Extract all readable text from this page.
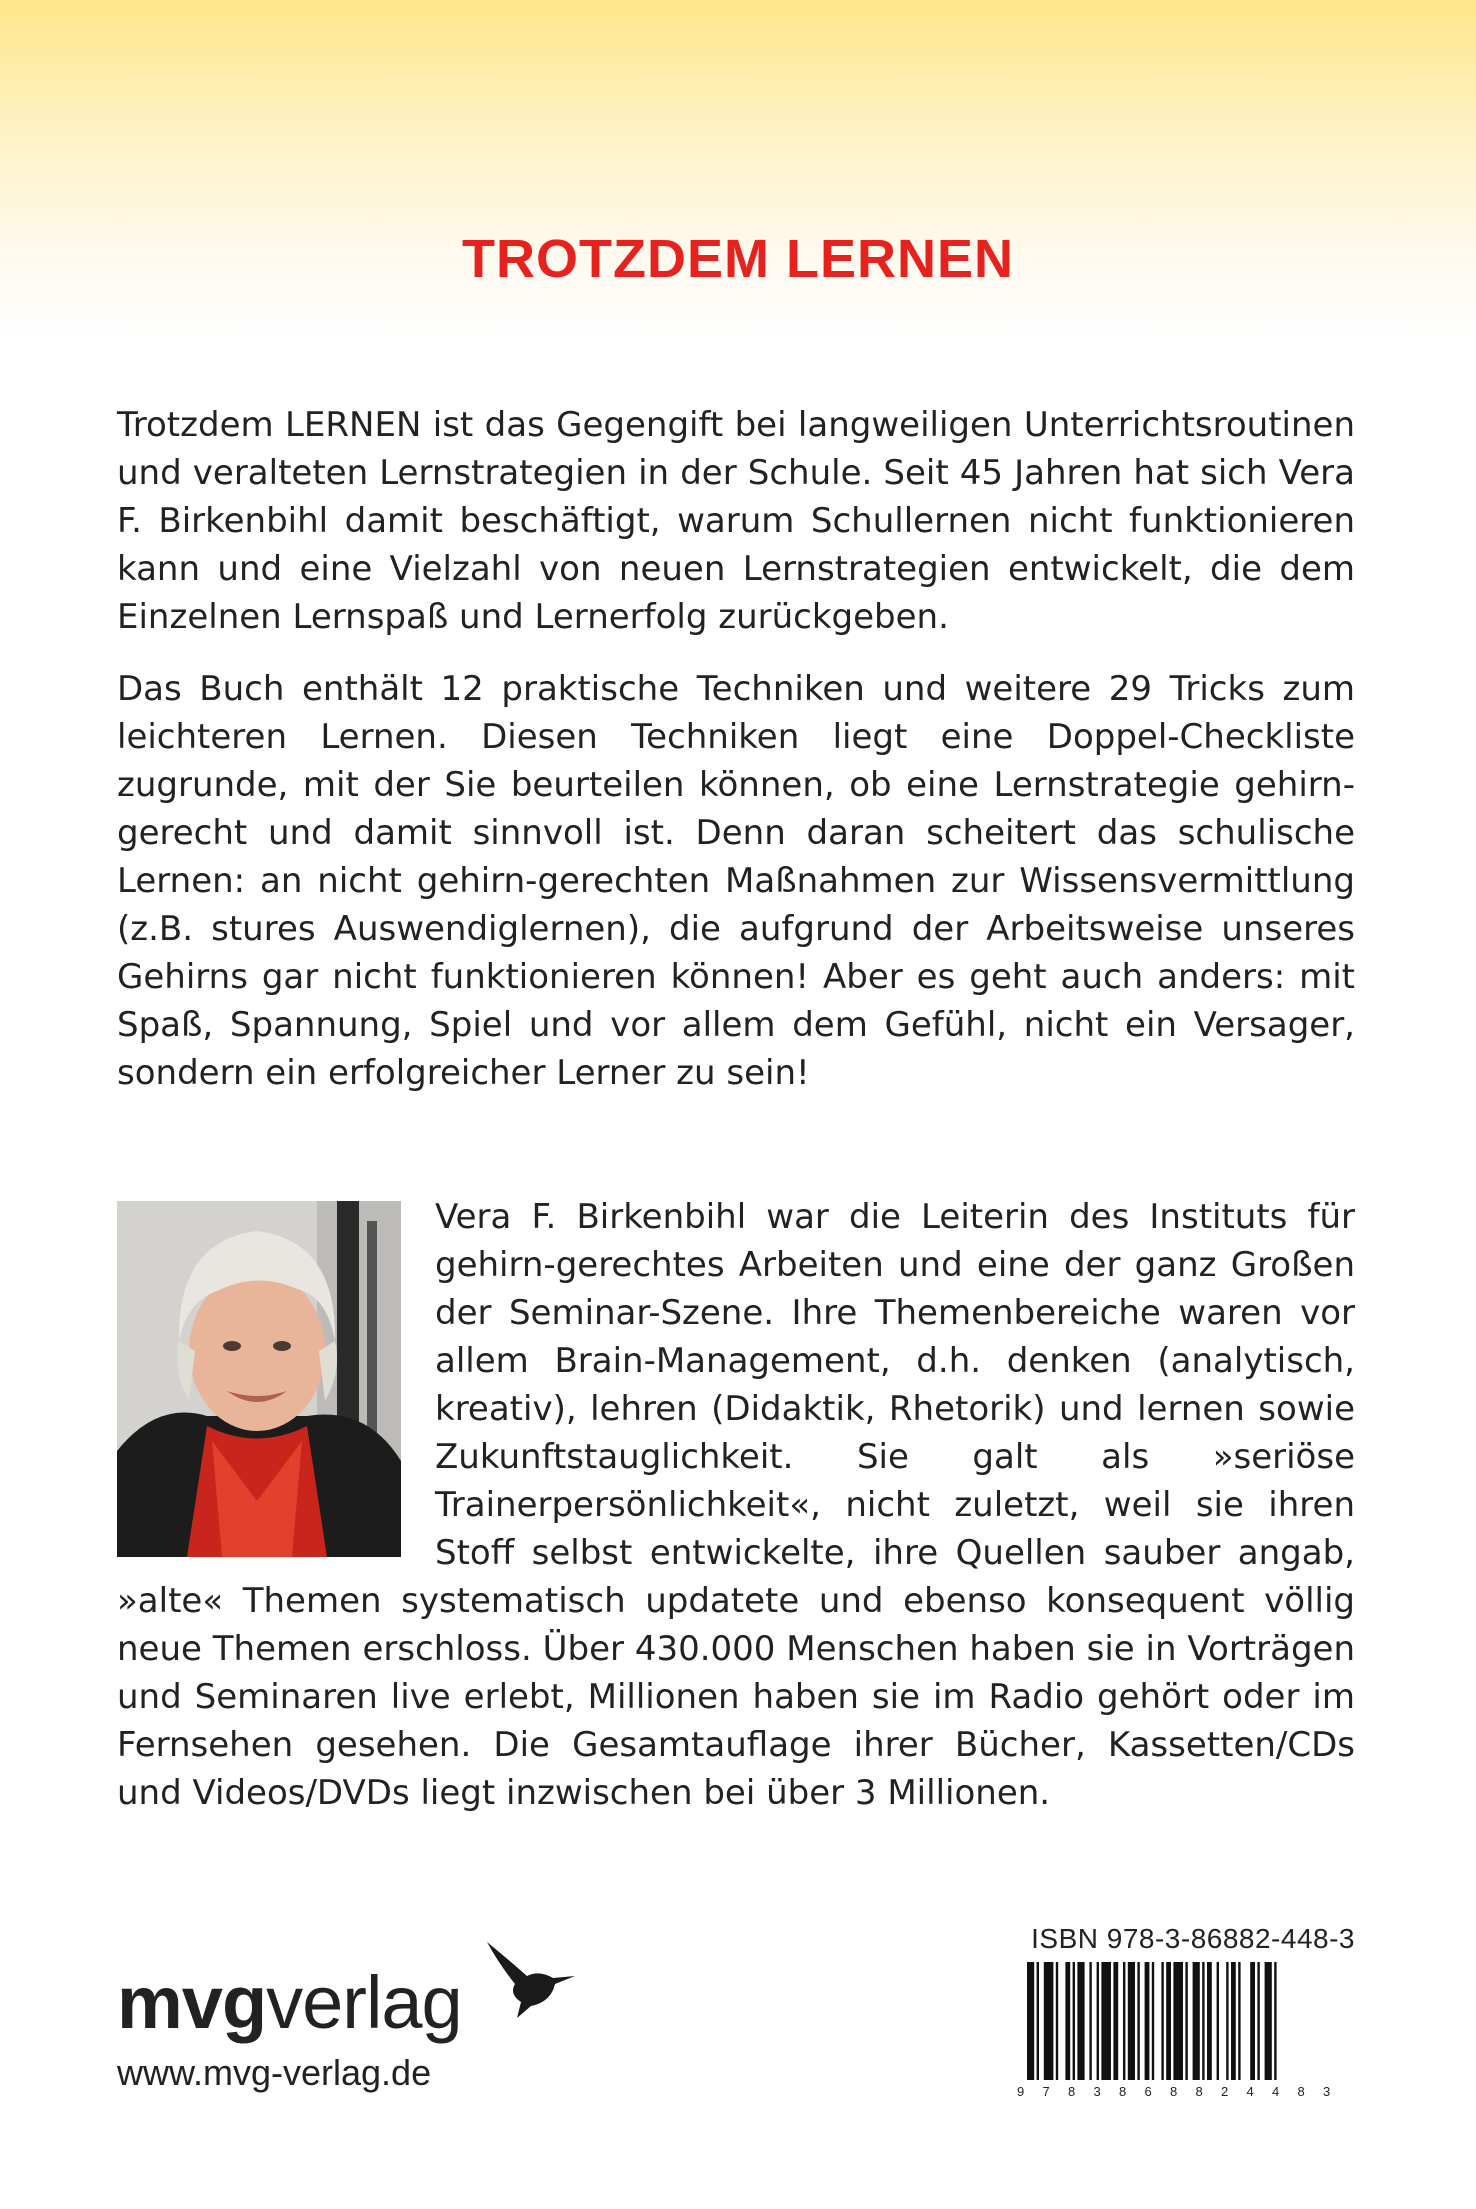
TROTZDEM LERNEN

Trotzdem LERNEN ist das Gegengift bei langweiligen Unterrichtsroutinen und veralteten Lernstrategien in der Schule. Seit 45 Jahren hat sich Vera F. Birkenbihl damit beschäftigt, warum Schullernen nicht funktionieren kann und eine Vielzahl von neuen Lernstrategien entwickelt, die dem Einzelnen Lernspaß und Lernerfolg zurückgeben.

Das Buch enthält 12 praktische Techniken und weitere 29 Tricks zum leichteren Lernen. Diesen Techniken liegt eine Doppel-Checkliste zugrunde, mit der Sie beurteilen können, ob eine Lernstrategie gehirn-gerecht und damit sinnvoll ist. Denn daran scheitert das schulische Lernen: an nicht gehirn-gerechten Maßnahmen zur Wissensvermittlung (z.B. stures Auswendiglernen), die aufgrund der Arbeitsweise unseres Gehirns gar nicht funktionieren können! Aber es geht auch anders: mit Spaß, Spannung, Spiel und vor allem dem Gefühl, nicht ein Versager, sondern ein erfolgreicher Lerner zu sein!

Vera F. Birkenbihl war die Leiterin des Instituts für gehirn-gerechtes Arbeiten und eine der ganz Großen der Seminar-Szene. Ihre Themenbereiche waren vor allem Brain-Management, d.h. denken (analytisch, kreativ), lehren (Didaktik, Rhetorik) und lernen sowie Zukunftstauglichkeit. Sie galt als »seriöse Trainerpersönlichkeit«, nicht zuletzt, weil sie ihren Stoff selbst entwickelte, ihre Quellen sauber angab, »alte« Themen systematisch updatete und ebenso konsequent völlig neue Themen erschloss. Über 430.000 Menschen haben sie in Vorträgen und Seminaren live erlebt, Millionen haben sie im Radio gehört oder im Fernsehen gesehen. Die Gesamtauflage ihrer Bücher, Kassetten/CDs und Videos/DVDs liegt inzwischen bei über 3 Millionen.
mvgverlag

www.mvg-verlag.de

ISBN 978-3-86882-448-3

9 7 8 3 8 6 8 8 2 4 4 8 3
